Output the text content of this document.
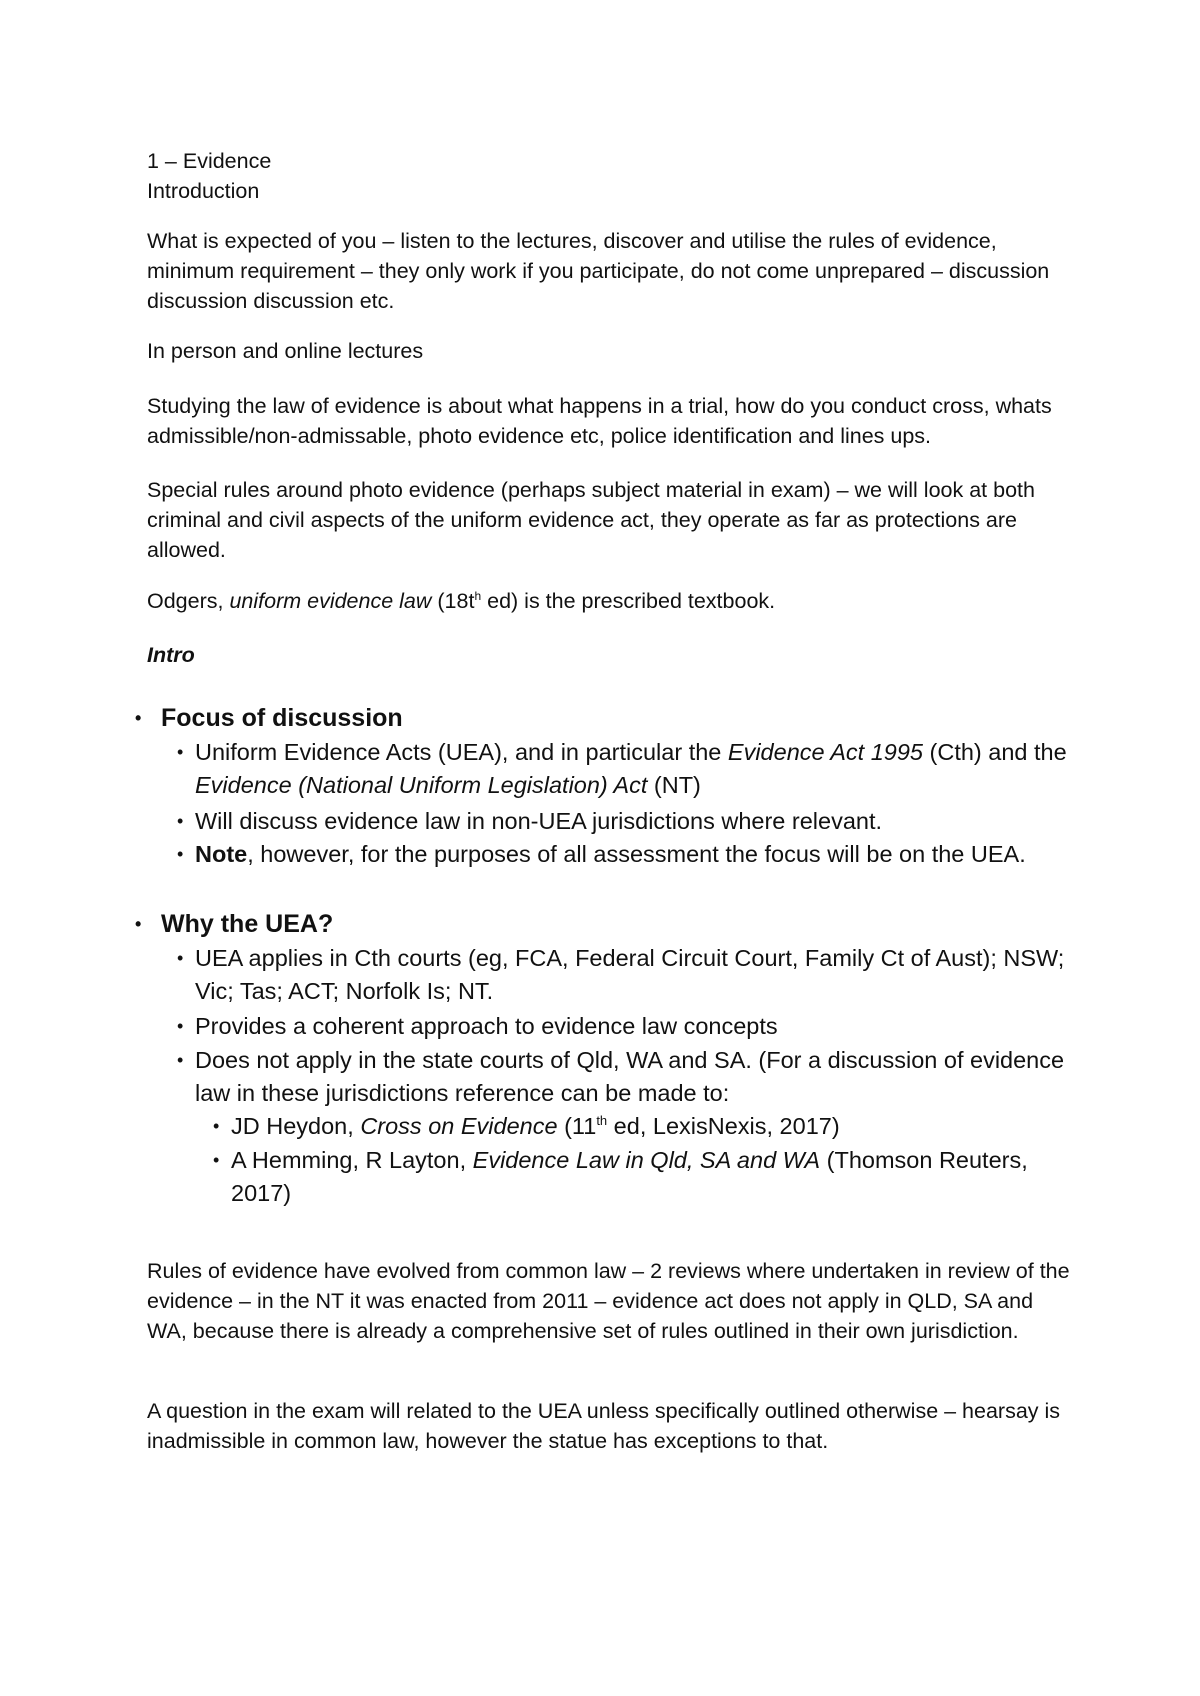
1 – Evidence
Introduction

What is expected of you – listen to the lectures, discover and utilise the rules of evidence, minimum requirement – they only work if you participate, do not come unprepared – discussion discussion discussion etc.

In person and online lectures

Studying the law of evidence is about what happens in a trial, how do you conduct cross, whats admissible/non-admissable, photo evidence etc, police identification and lines ups.

Special rules around photo evidence (perhaps subject material in exam) – we will look at both criminal and civil aspects of the uniform evidence act, they operate as far as protections are allowed.

Odgers, uniform evidence law ($18t^h$ ed) is the prescribed textbook.

Intro

• Focus of discussion
• Uniform Evidence Acts (UEA), and in particular the Evidence Act 1995 (Cth) and the Evidence (National Uniform Legislation) Act (NT)
• Will discuss evidence law in non-UEA jurisdictions where relevant.
• Note, however, for the purposes of all assessment the focus will be on the UEA.
• Why the UEA?
• UEA applies in Cth courts (eg, FCA, Federal Circuit Court, Family Ct of Aust); NSW; Vic; Tas; ACT; Norfolk Is; NT.
• Provides a coherent approach to evidence law concepts
• Does not apply in the state courts of Qld, WA and SA. (For a discussion of evidence law in these jurisdictions reference can be made to:
• JD Heydon, Cross on Evidence (11th ed, LexisNexis, 2017)
• A Hemming, R Layton, Evidence Law in Qld, SA and WA (Thomson Reuters, 2017)

Rules of evidence have evolved from common law – 2 reviews where undertaken in review of the evidence – in the NT it was enacted from 2011 – evidence act does not apply in QLD, SA and WA, because there is already a comprehensive set of rules outlined in their own jurisdiction.

A question in the exam will related to the UEA unless specifically outlined otherwise – hearsay is inadmissible in common law, however the statue has exceptions to that.
